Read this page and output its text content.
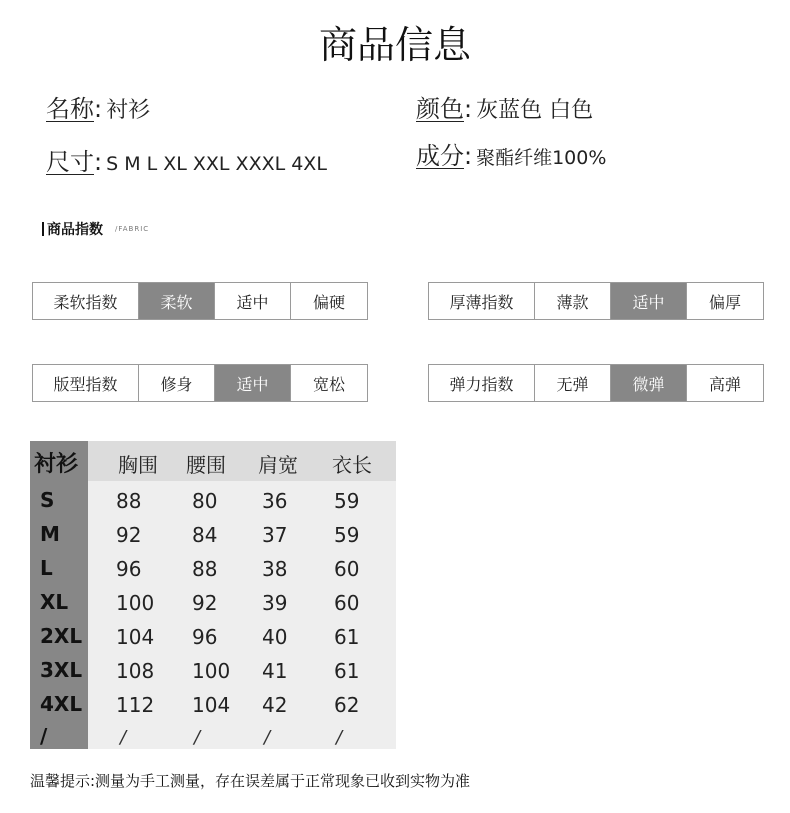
商品信息
名称 : 衬衫	颜色 : 灰蓝色 白色
尺寸 : S M L XL XXL XXXL 4XL	成分 : 聚酯纤维100%
商品指数 /FABRIC
柔软指数	柔软	适中	偏硬	厚薄指数	薄款	适中	偏厚
版型指数	修身	适中	宽松	弹力指数	无弹	微弹	高弹
衬衫 胸围 腰围 肩宽 衣长
S	88	80 36 59
M	92	84 37 59
L	96	88 38 60
XL 100 92 39 60
2XL 104 96 40 61
3XL 108 100 41 61
4XL 112 104 42 62
/	/	/	/	/
温馨提示:测量为手工测量，存在误差属于正常现象已收到实物为准
